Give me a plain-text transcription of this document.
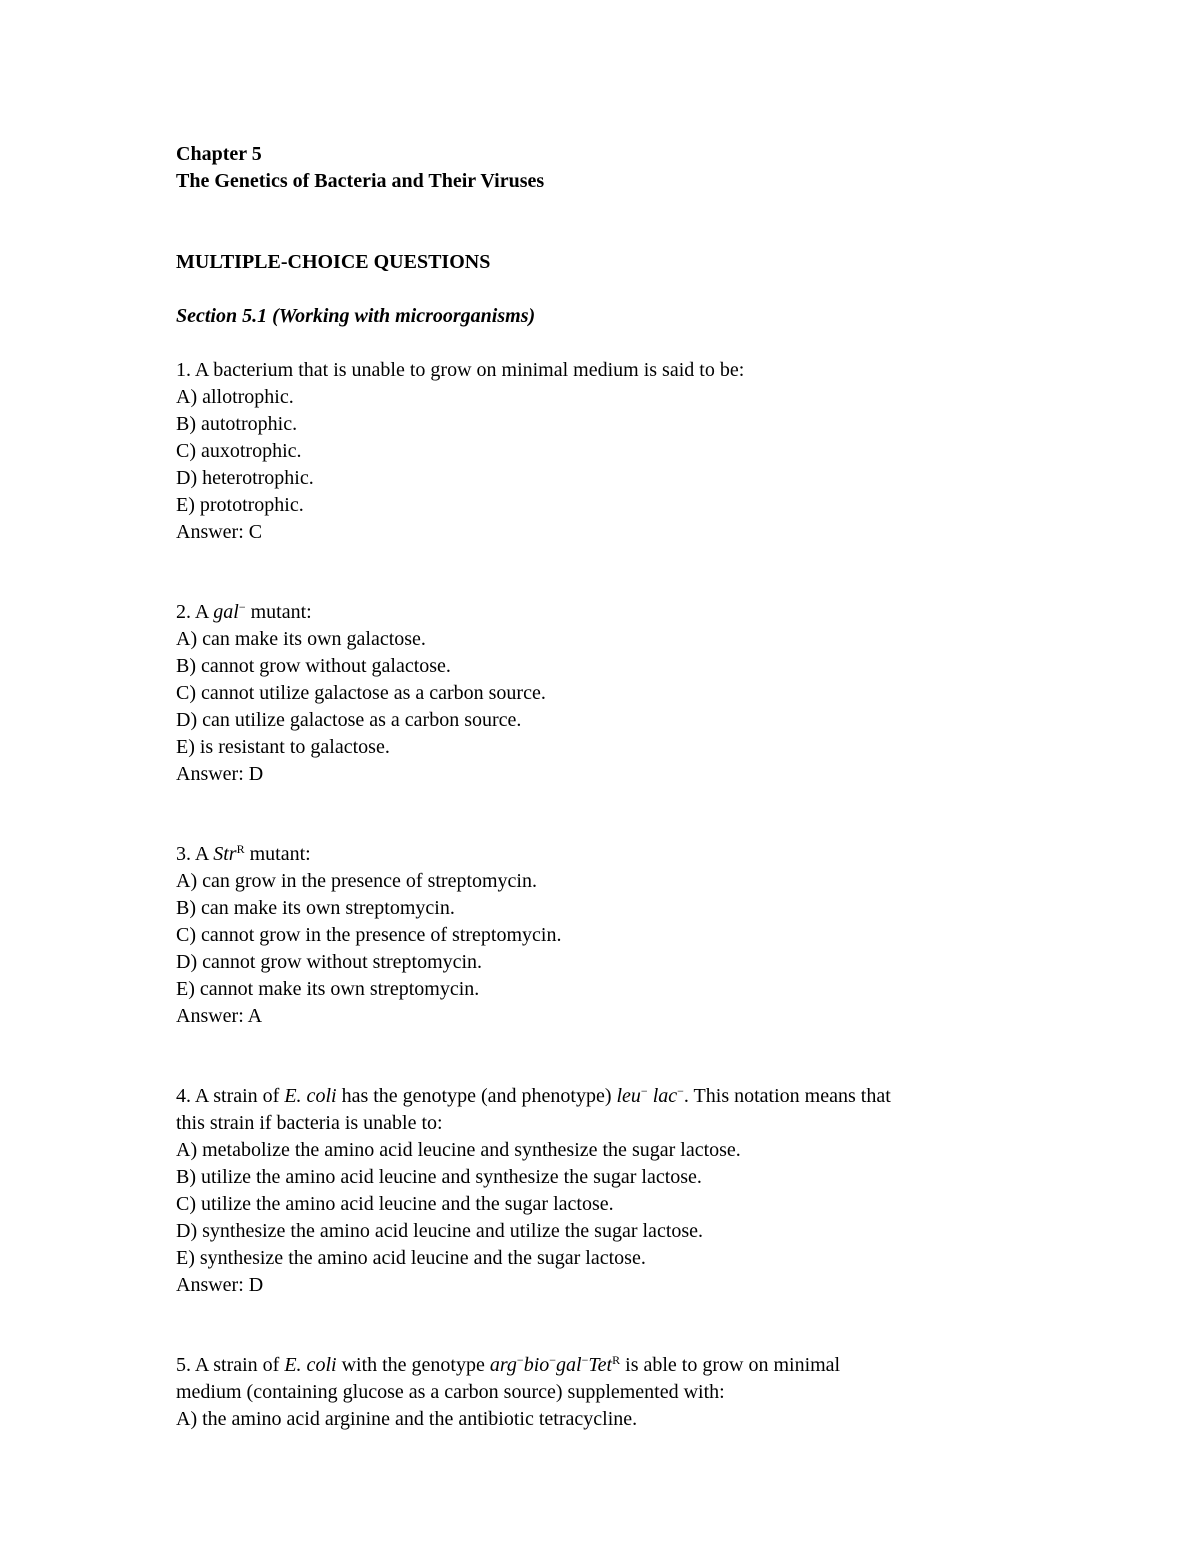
Chapter 5
The Genetics of Bacteria and Their Viruses
MULTIPLE-CHOICE QUESTIONS
Section 5.1 (Working with microorganisms)
1. A bacterium that is unable to grow on minimal medium is said to be:
A) allotrophic.
B) autotrophic.
C) auxotrophic.
D) heterotrophic.
E) prototrophic.
Answer: C
2. A gal− mutant:
A) can make its own galactose.
B) cannot grow without galactose.
C) cannot utilize galactose as a carbon source.
D) can utilize galactose as a carbon source.
E) is resistant to galactose.
Answer: D
3. A Str$^R$ mutant:
A) can grow in the presence of streptomycin.
B) can make its own streptomycin.
C) cannot grow in the presence of streptomycin.
D) cannot grow without streptomycin.
E) cannot make its own streptomycin.
Answer: A
4. A strain of E. coli has the genotype (and phenotype) leu− lac−. This notation means that
this strain if bacteria is unable to:
A) metabolize the amino acid leucine and synthesize the sugar lactose.
B) utilize the amino acid leucine and synthesize the sugar lactose.
C) utilize the amino acid leucine and the sugar lactose.
D) synthesize the amino acid leucine and utilize the sugar lactose.
E) synthesize the amino acid leucine and the sugar lactose.
Answer: D
5. A strain of E. coli with the genotype arg−bio−gal−Tet$^R$ is able to grow on minimal
medium (containing glucose as a carbon source) supplemented with:
A) the amino acid arginine and the antibiotic tetracycline.
